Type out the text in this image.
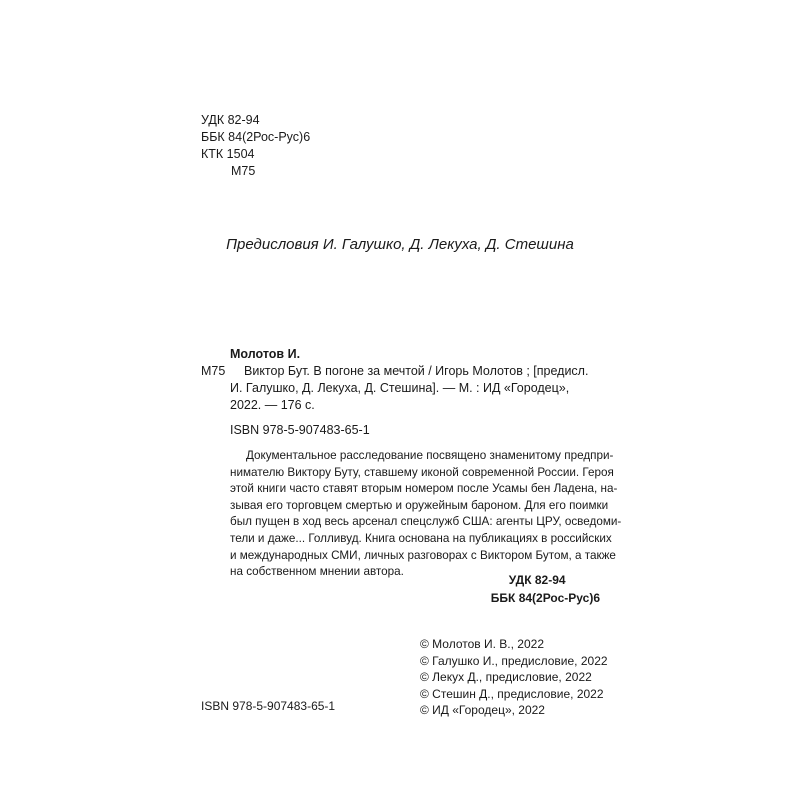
УДК 82-94
ББК 84(2Рос-Рус)6
КТК 1504
М75
Предисловия И. Галушко, Д. Лекуха, Д. Стешина
Молотов И.
М75	Виктор Бут. В погоне за мечтой / Игорь Молотов ; [предисл.
И. Галушко, Д. Лекуха, Д. Стешина]. — М. : ИД «Городец»,
2022. — 176 с.
ISBN 978-5-907483-65-1
Документальное расследование посвящено знаменитому предпри-
нимателю Виктору Буту, ставшему иконой современной России. Героя
этой книги часто ставят вторым номером после Усамы бен Ладена, на-
зывая его торговцем смертью и оружейным бароном. Для его поимки
был пущен в ход весь арсенал спецслужб США: агенты ЦРУ, осведоми-
тели и даже... Голливуд. Книга основана на публикациях в российских
и международных СМИ, личных разговорах с Виктором Бутом, а также
на собственном мнении автора.
УДК 82-94
ББК 84(2Рос-Рус)6
© Молотов И. В., 2022
© Галушко И., предисловие, 2022
© Лекух Д., предисловие, 2022
© Стешин Д., предисловие, 2022
© ИД «Городец», 2022
ISBN 978-5-907483-65-1
